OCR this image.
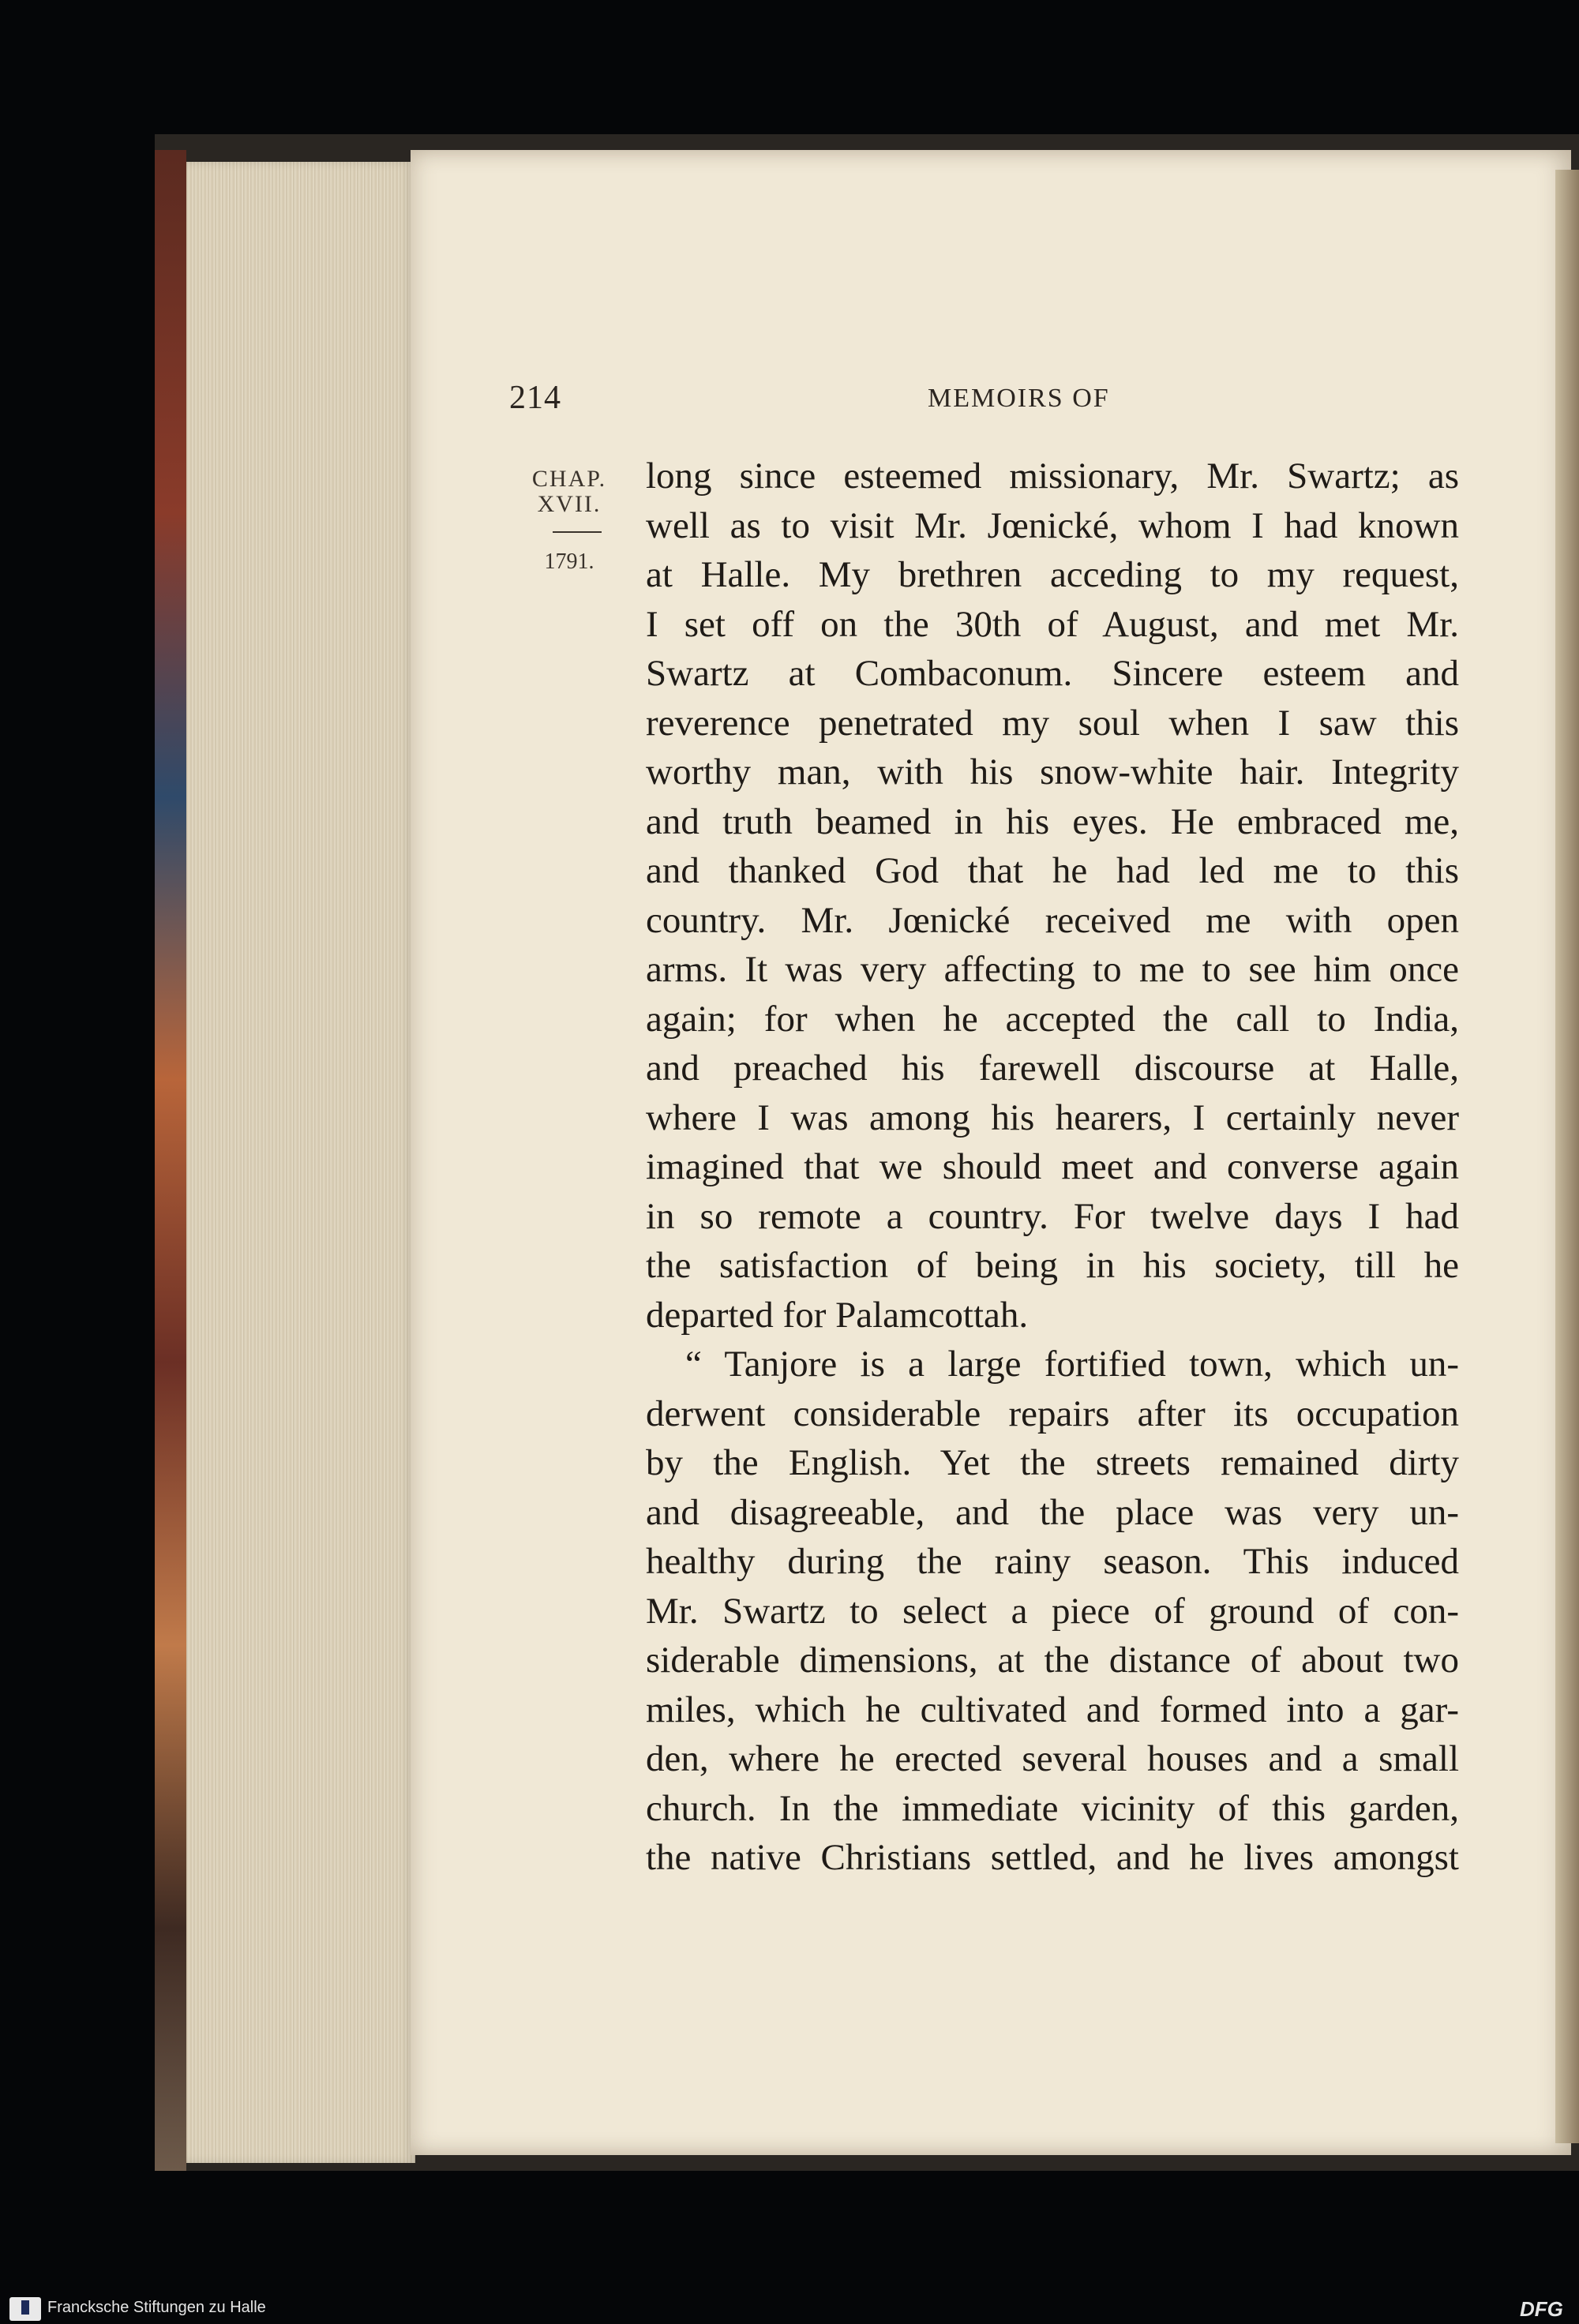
214	MEMOIRS OF
CHAP.
XVII.
1791.
long since esteemed missionary, Mr. Swartz; as
well as to visit Mr. Jœnické, whom I had known
at Halle. My brethren acceding to my request,
I set off on the 30th of August, and met Mr.
Swartz at Combaconum. Sincere esteem and
reverence penetrated my soul when I saw this
worthy man, with his snow-white hair. Integrity
and truth beamed in his eyes. He embraced me,
and thanked God that he had led me to this
country. Mr. Jœnické received me with open
arms. It was very affecting to me to see him once
again; for when he accepted the call to India,
and preached his farewell discourse at Halle,
where I was among his hearers, I certainly never
imagined that we should meet and converse again
in so remote a country. For twelve days I had
the satisfaction of being in his society, till he
departed for Palamcottah.
“ Tanjore is a large fortified town, which un-
derwent considerable repairs after its occupation
by the English. Yet the streets remained dirty
and disagreeable, and the place was very un-
healthy during the rainy season. This induced
Mr. Swartz to select a piece of ground of con-
siderable dimensions, at the distance of about two
miles, which he cultivated and formed into a gar-
den, where he erected several houses and a small
church. In the immediate vicinity of this garden,
the native Christians settled, and he lives amongst
Francksche Stiftungen zu Halle	DFG
